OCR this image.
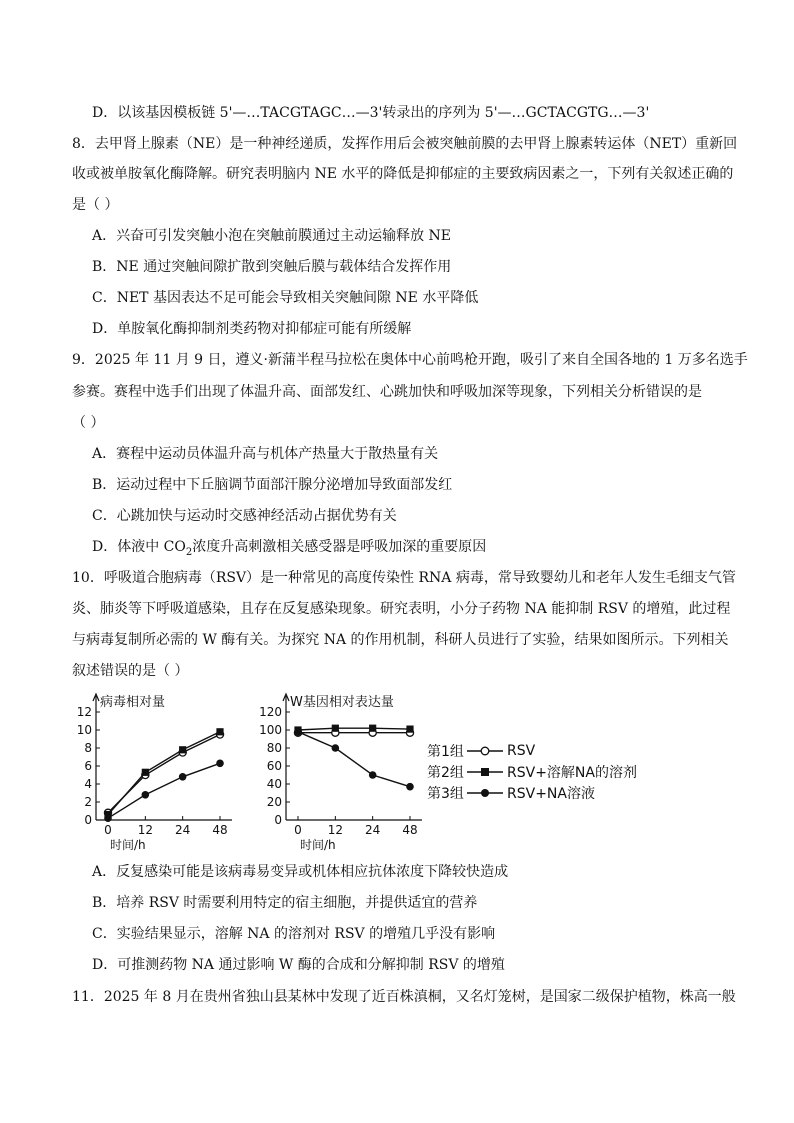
D．以该基因模板链 5'—…TACGTAGC…—3'转录出的序列为 5'—…GCTACGTG…—3'
8．去甲肾上腺素（NE）是一种神经递质，发挥作用后会被突触前膜的去甲肾上腺素转运体（NET）重新回
收或被单胺氧化酶降解。研究表明脑内 NE 水平的降低是抑郁症的主要致病因素之一，下列有关叙述正确的
是（ ）
A．兴奋可引发突触小泡在突触前膜通过主动运输释放 NE
B．NE 通过突触间隙扩散到突触后膜与载体结合发挥作用
C．NET 基因表达不足可能会导致相关突触间隙 NE 水平降低
D．单胺氧化酶抑制剂类药物对抑郁症可能有所缓解
9．2025 年 11 月 9 日，遵义·新蒲半程马拉松在奥体中心前鸣枪开跑，吸引了来自全国各地的 1 万多名选手
参赛。赛程中选手们出现了体温升高、面部发红、心跳加快和呼吸加深等现象，下列相关分析错误的是
（ ）
A．赛程中运动员体温升高与机体产热量大于散热量有关
B．运动过程中下丘脑调节面部汗腺分泌增加导致面部发红
C．心跳加快与运动时交感神经活动占据优势有关
D．体液中 $CO_2$浓度升高刺激相关感受器是呼吸加深的重要原因
10．呼吸道合胞病毒（RSV）是一种常见的高度传染性 RNA 病毒，常导致婴幼儿和老年人发生毛细支气管
炎、肺炎等下呼吸道感染，且存在反复感染现象。研究表明，小分子药物 NA 能抑制 RSV 的增殖，此过程
与病毒复制所必需的 W 酶有关。为探究 NA 的作用机制，科研人员进行了实验，结果如图所示。下列相关
叙述错误的是（ ）
病毒相对量
0
2
4
6
8
10
12
0 12 24 48
时间/h
W基因相对表达量
0
20
40
60
80
100
120
0 12 24 48
时间/h
第1组	RSV
第2组	RSV+溶解NA的溶剂
第3组	RSV+NA溶液
A．反复感染可能是该病毒易变异或机体相应抗体浓度下降较快造成
B．培养 RSV 时需要利用特定的宿主细胞，并提供适宜的营养
C．实验结果显示，溶解 NA 的溶剂对 RSV 的增殖几乎没有影响
D．可推测药物 NA 通过影响 W 酶的合成和分解抑制 RSV 的增殖
11．2025 年 8 月在贵州省独山县某林中发现了近百株滇桐，又名灯笼树，是国家二级保护植物，株高一般
